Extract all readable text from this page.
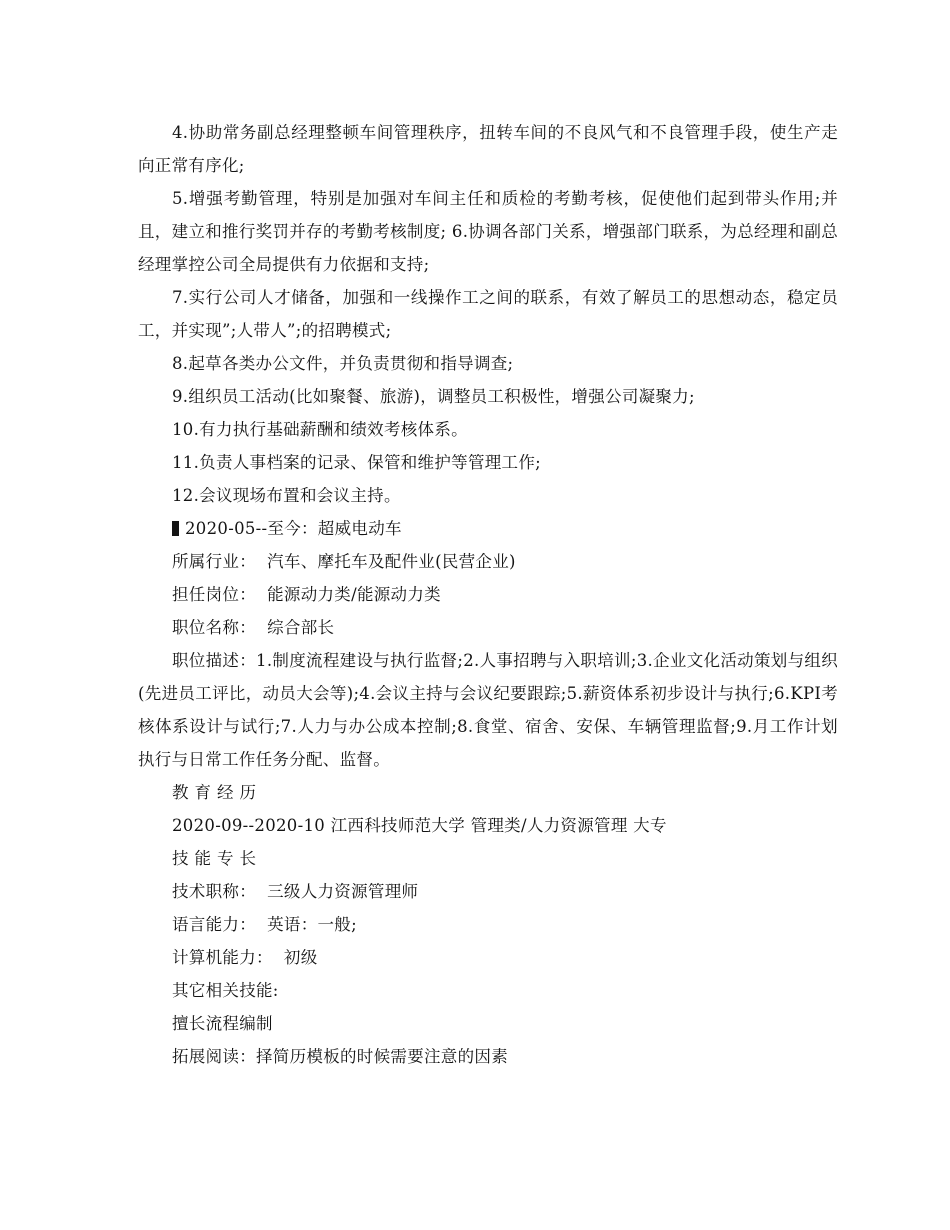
4.协助常务副总经理整顿车间管理秩序，扭转车间的不良风气和不良管理手段，使生产走向正常有序化;

5.增强考勤管理，特别是加强对车间主任和质检的考勤考核，促使他们起到带头作用;并且，建立和推行奖罚并存的考勤考核制度; 6.协调各部门关系，增强部门联系，为总经理和副总经理掌控公司全局提供有力依据和支持;

7.实行公司人才储备，加强和一线操作工之间的联系，有效了解员工的思想动态，稳定员工，并实现”;人带人”;的招聘模式;

8.起草各类办公文件，并负责贯彻和指导调查;

9.组织员工活动(比如聚餐、旅游)，调整员工积极性，增强公司凝聚力;

10.有力执行基础薪酬和绩效考核体系。

11.负责人事档案的记录、保管和维护等管理工作;

12.会议现场布置和会议主持。

2020-05--至今：超威电动车

所属行业：  汽车、摩托车及配件业(民营企业)

担任岗位：  能源动力类/能源动力类

职位名称：  综合部长

职位描述：1.制度流程建设与执行监督;2.人事招聘与入职培训;3.企业文化活动策划与组织(先进员工评比，动员大会等);4.会议主持与会议纪要跟踪;5.薪资体系初步设计与执行;6.KPI考核体系设计与试行;7.人力与办公成本控制;8.食堂、宿舍、安保、车辆管理监督;9.月工作计划执行与日常工作任务分配、监督。

教育经历

2020-09--2020-10 江西科技师范大学 管理类/人力资源管理 大专

技能专长

技术职称：  三级人力资源管理师

语言能力：  英语：一般;

计算机能力：  初级

其它相关技能:

擅长流程编制

拓展阅读：择简历模板的时候需要注意的因素
